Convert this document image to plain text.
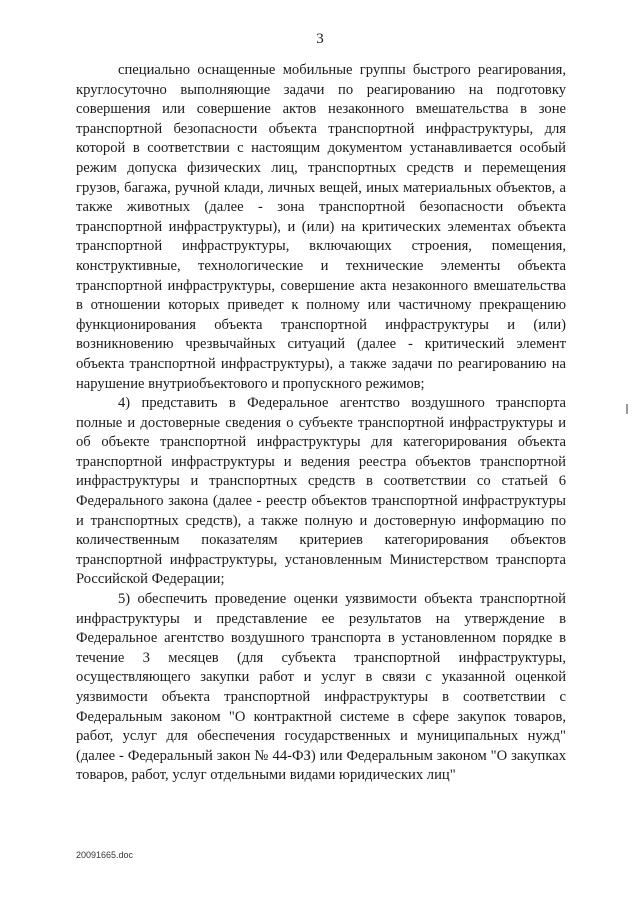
3

специально оснащенные мобильные группы быстрого реагирования, круглосуточно выполняющие задачи по реагированию на подготовку совершения или совершение актов незаконного вмешательства в зоне транспортной безопасности объекта транспортной инфраструктуры, для которой в соответствии с настоящим документом устанавливается особый режим допуска физических лиц, транспортных средств и перемещения грузов, багажа, ручной клади, личных вещей, иных материальных объектов, а также животных (далее - зона транспортной безопасности объекта транспортной инфраструктуры), и (или) на критических элементах объекта транспортной инфраструктуры, включающих строения, помещения, конструктивные, технологические и технические элементы объекта транспортной инфраструктуры, совершение акта незаконного вмешательства в отношении которых приведет к полному или частичному прекращению функционирования объекта транспортной инфраструктуры и (или) возникновению чрезвычайных ситуаций (далее - критический элемент объекта транспортной инфраструктуры), а также задачи по реагированию на нарушение внутриобъектового и пропускного режимов;

4) представить в Федеральное агентство воздушного транспорта полные и достоверные сведения о субъекте транспортной инфраструктуры и об объекте транспортной инфраструктуры для категорирования объекта транспортной инфраструктуры и ведения реестра объектов транспортной инфраструктуры и транспортных средств в соответствии со статьей 6 Федерального закона (далее - реестр объектов транспортной инфраструктуры и транспортных средств), а также полную и достоверную информацию по количественным показателям критериев категорирования объектов транспортной инфраструктуры, установленным Министерством транспорта Российской Федерации;

5) обеспечить проведение оценки уязвимости объекта транспортной инфраструктуры и представление ее результатов на утверждение в Федеральное агентство воздушного транспорта в установленном порядке в течение 3 месяцев (для субъекта транспортной инфраструктуры, осуществляющего закупки работ и услуг в связи с указанной оценкой уязвимости объекта транспортной инфраструктуры в соответствии с Федеральным законом "О контрактной системе в сфере закупок товаров, работ, услуг для обеспечения государственных и муниципальных нужд" (далее - Федеральный закон № 44-ФЗ) или Федеральным законом "О закупках товаров, работ, услуг отдельными видами юридических лиц"

20091665.doc
